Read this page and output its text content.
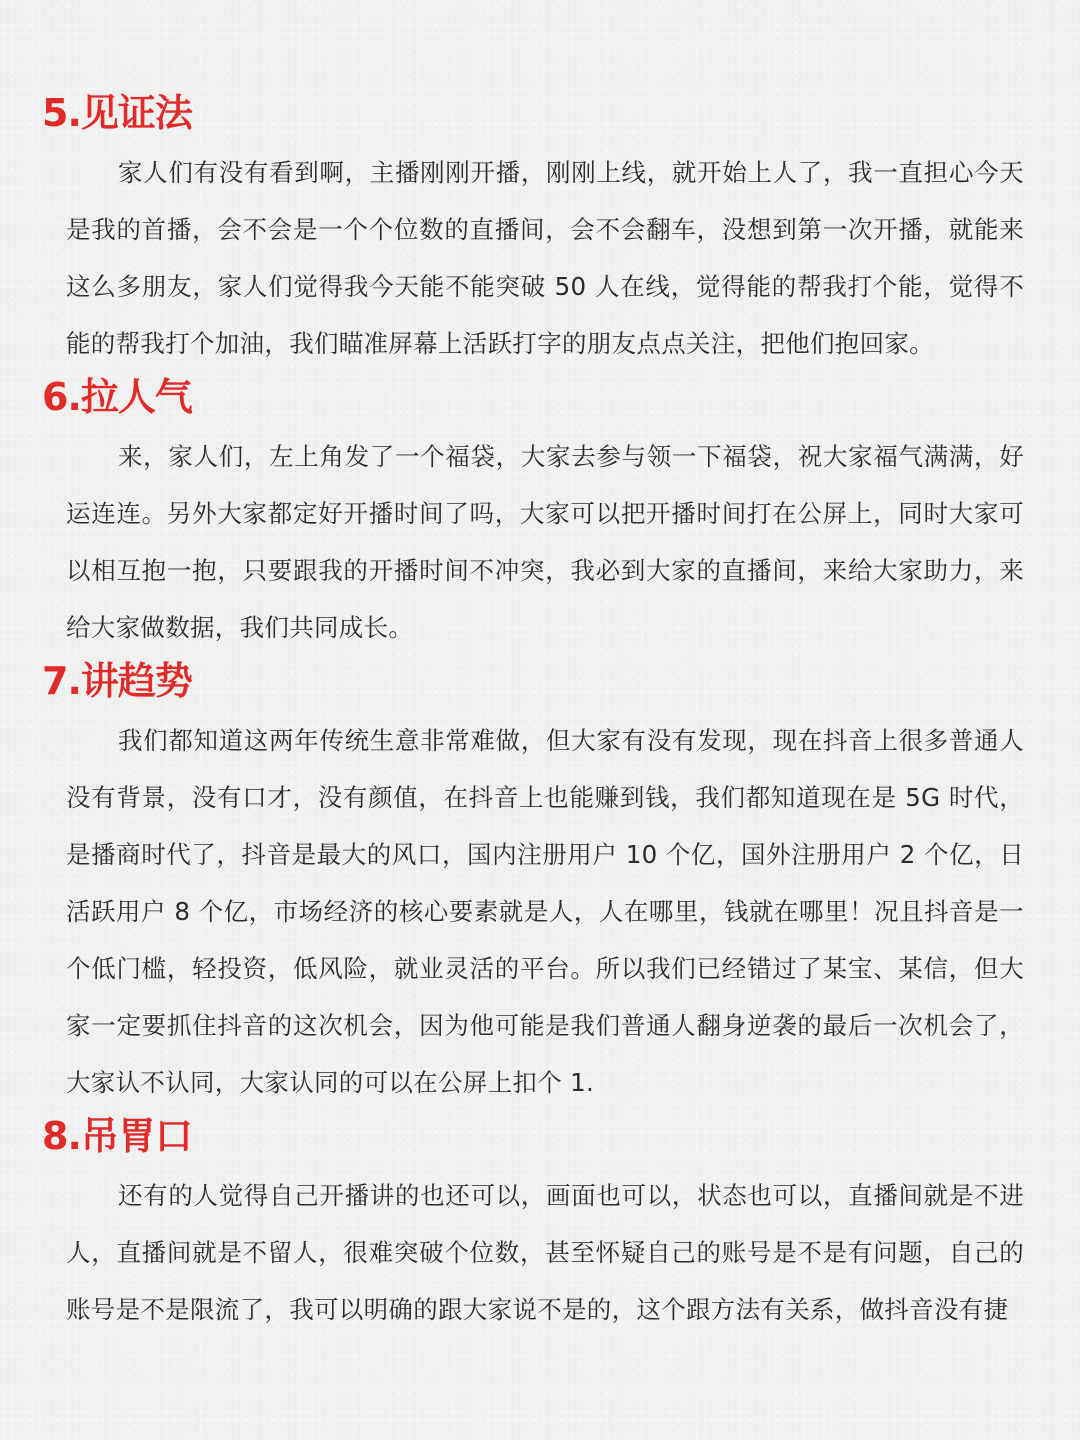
5.见证法

家人们有没有看到啊，主播刚刚开播，刚刚上线，就开始上人了，我一直担心今天是我的首播，会不会是一个个位数的直播间，会不会翻车，没想到第一次开播，就能来这么多朋友，家人们觉得我今天能不能突破 50 人在线，觉得能的帮我打个能，觉得不能的帮我打个加油，我们瞄准屏幕上活跃打字的朋友点点关注，把他们抱回家。

6.拉人气

来，家人们，左上角发了一个福袋，大家去参与领一下福袋，祝大家福气满满，好运连连。另外大家都定好开播时间了吗，大家可以把开播时间打在公屏上，同时大家可以相互抱一抱，只要跟我的开播时间不冲突，我必到大家的直播间，来给大家助力，来给大家做数据，我们共同成长。

7.讲趋势

我们都知道这两年传统生意非常难做，但大家有没有发现，现在抖音上很多普通人没有背景，没有口才，没有颜值，在抖音上也能赚到钱，我们都知道现在是 5G 时代，是播商时代了，抖音是最大的风口，国内注册用户 10 个亿，国外注册用户 2 个亿，日活跃用户 8 个亿，市场经济的核心要素就是人，人在哪里，钱就在哪里！况且抖音是一个低门槛，轻投资，低风险，就业灵活的平台。所以我们已经错过了某宝、某信，但大家一定要抓住抖音的这次机会，因为他可能是我们普通人翻身逆袭的最后一次机会了，大家认不认同，大家认同的可以在公屏上扣个 1.

8.吊胃口

还有的人觉得自己开播讲的也还可以，画面也可以，状态也可以，直播间就是不进人，直播间就是不留人，很难突破个位数，甚至怀疑自己的账号是不是有问题，自己的账号是不是限流了，我可以明确的跟大家说不是的，这个跟方法有关系，做抖音没有捷
